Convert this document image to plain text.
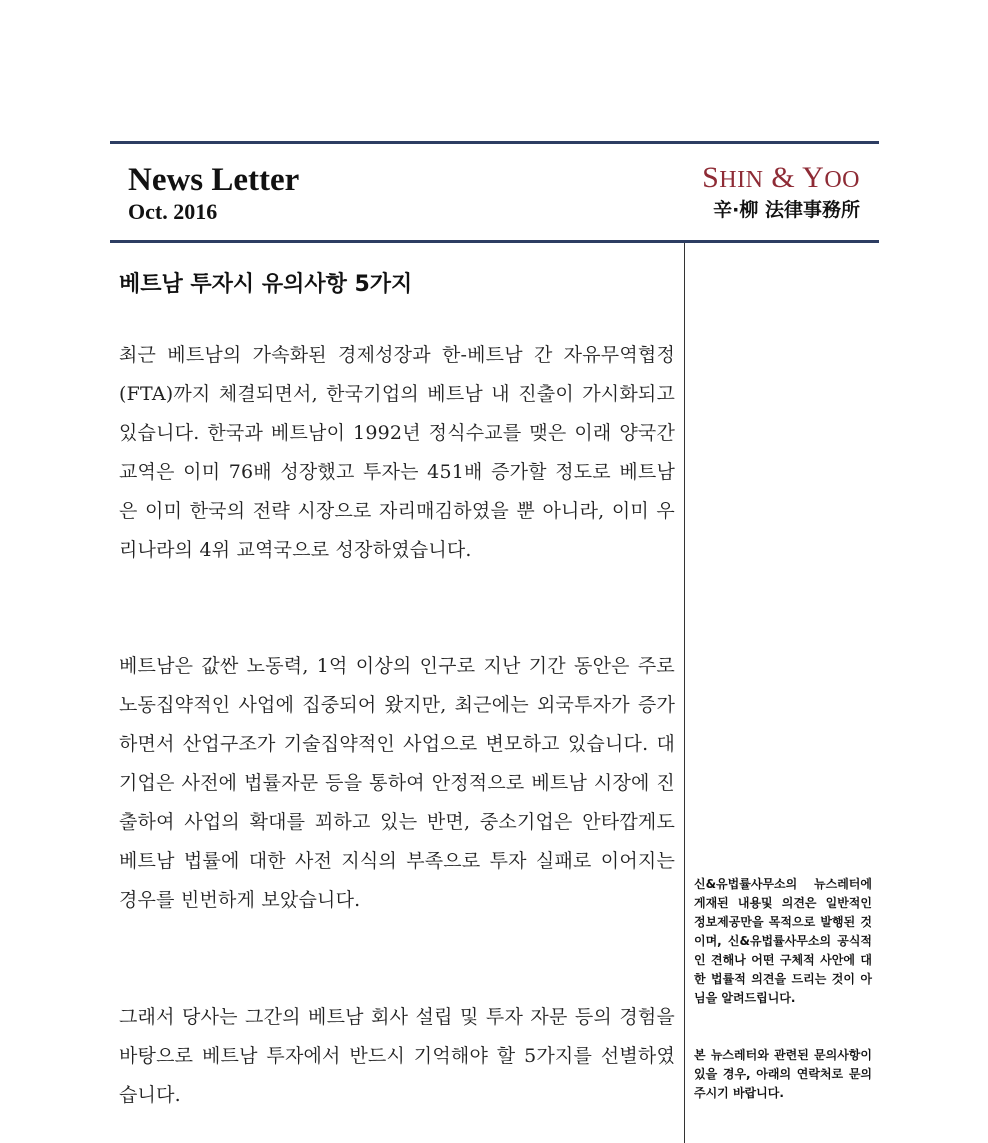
News Letter
Oct. 2016
SHIN & YOO
辛·柳 法律事務所
베트남 투자시 유의사항 5가지

최근 베트남의 가속화된 경제성장과 한-베트남 간 자유무역협정(FTA)까지 체결되면서, 한국기업의 베트남 내 진출이 가시화되고 있습니다. 한국과 베트남이 1992년 정식수교를 맺은 이래 양국간 교역은 이미 76배 성장했고 투자는 451배 증가할 정도로 베트남은 이미 한국의 전략 시장으로 자리매김하였을 뿐 아니라, 이미 우리나라의 4위 교역국으로 성장하였습니다.

베트남은 값싼 노동력, 1억 이상의 인구로 지난 기간 동안은 주로 노동집약적인 사업에 집중되어 왔지만, 최근에는 외국투자가 증가하면서 산업구조가 기술집약적인 사업으로 변모하고 있습니다. 대기업은 사전에 법률자문 등을 통하여 안정적으로 베트남 시장에 진출하여 사업의 확대를 꾀하고 있는 반면, 중소기업은 안타깝게도 베트남 법률에 대한 사전 지식의 부족으로 투자 실패로 이어지는 경우를 빈번하게 보았습니다.

그래서 당사는 그간의 베트남 회사 설립 및 투자 자문 등의 경험을 바탕으로 베트남 투자에서 반드시 기억해야 할 5가지를 선별하였습니다.

신&유법률사무소의 뉴스레터에 게재된 내용및 의견은 일반적인 정보제공만을 목적으로 발행된 것이며, 신&유법률사무소의 공식적인 견해나 어떤 구체적 사안에 대한 법률적 의견을 드리는 것이 아님을 알려드립니다.

본 뉴스레터와 관련된 문의사항이 있을 경우, 아래의 연락처로 문의주시기 바랍니다.
